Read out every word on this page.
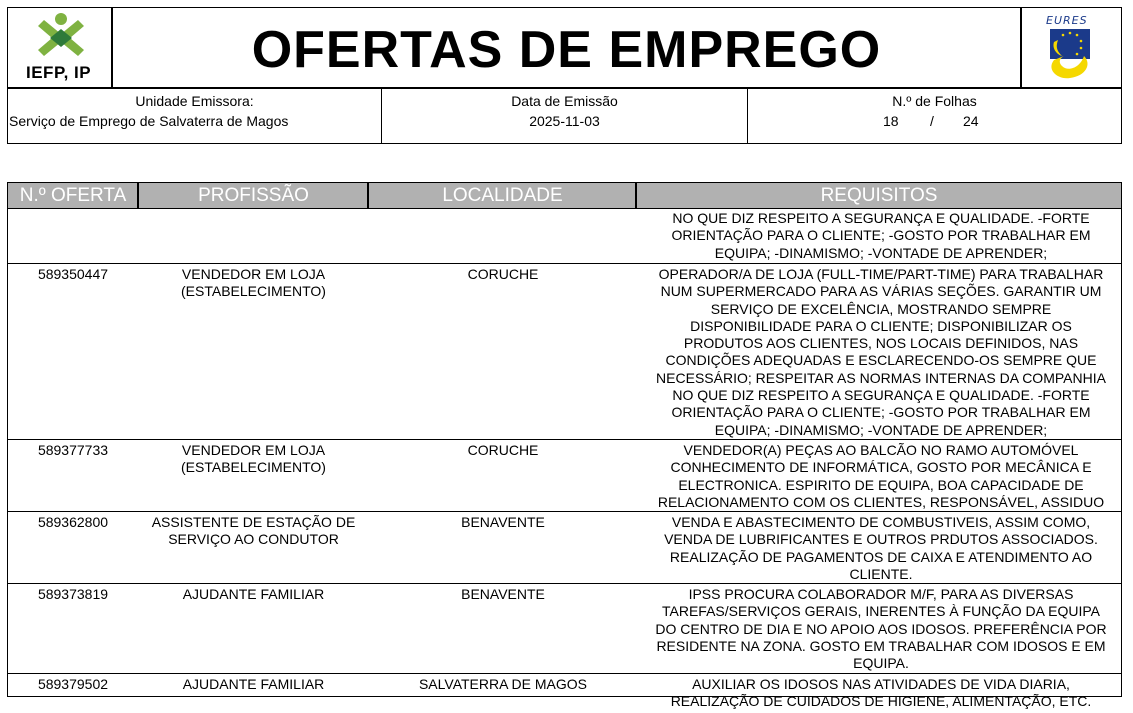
IEFP, IP	OFERTAS DE EMPREGO
EURES
Unidade Emissora:
Serviço de Emprego de Salvaterra de Magos
Data de Emissão
2025-11-03
N.º de Folhas
18 / 24
N.º OFERTA	PROFISSÃO	LOCALIDADE	REQUISITOS
NO QUE DIZ RESPEITO A SEGURANÇA E QUALIDADE. -FORTE
ORIENTAÇÃO PARA O CLIENTE; -GOSTO POR TRABALHAR EM
EQUIPA; -DINAMISMO; -VONTADE DE APRENDER;
589350447	VENDEDOR EM LOJA
(ESTABELECIMENTO)
CORUCHE	OPERADOR/A DE LOJA (FULL-TIME/PART-TIME) PARA TRABALHAR
NUM SUPERMERCADO PARA AS VÁRIAS SEÇÕES. GARANTIR UM
SERVIÇO DE EXCELÊNCIA, MOSTRANDO SEMPRE
DISPONIBILIDADE PARA O CLIENTE; DISPONIBILIZAR OS
PRODUTOS AOS CLIENTES, NOS LOCAIS DEFINIDOS, NAS
CONDIÇÕES ADEQUADAS E ESCLARECENDO-OS SEMPRE QUE
NECESSÁRIO; RESPEITAR AS NORMAS INTERNAS DA COMPANHIA
NO QUE DIZ RESPEITO A SEGURANÇA E QUALIDADE. -FORTE
ORIENTAÇÃO PARA O CLIENTE; -GOSTO POR TRABALHAR EM
EQUIPA; -DINAMISMO; -VONTADE DE APRENDER;
589377733	VENDEDOR EM LOJA
(ESTABELECIMENTO)
CORUCHE	VENDEDOR(A) PEÇAS AO BALCÃO NO RAMO AUTOMÓVEL
CONHECIMENTO DE INFORMÁTICA, GOSTO POR MECÂNICA E
ELECTRONICA. ESPIRITO DE EQUIPA, BOA CAPACIDADE DE
RELACIONAMENTO COM OS CLIENTES, RESPONSÁVEL, ASSIDUO
589362800	ASSISTENTE DE ESTAÇÃO DE
SERVIÇO AO CONDUTOR
BENAVENTE	VENDA E ABASTECIMENTO DE COMBUSTIVEIS, ASSIM COMO,
VENDA DE LUBRIFICANTES E OUTROS PRDUTOS ASSOCIADOS.
REALIZAÇÃO DE PAGAMENTOS DE CAIXA E ATENDIMENTO AO
CLIENTE.
589373819	AJUDANTE FAMILIAR	BENAVENTE	IPSS PROCURA COLABORADOR M/F, PARA AS DIVERSAS
TAREFAS/SERVIÇOS GERAIS, INERENTES À FUNÇÃO DA EQUIPA
DO CENTRO DE DIA E NO APOIO AOS IDOSOS. PREFERÊNCIA POR
RESIDENTE NA ZONA. GOSTO EM TRABALHAR COM IDOSOS E EM
EQUIPA.
589379502	AJUDANTE FAMILIAR	SALVATERRA DE MAGOS	AUXILIAR OS IDOSOS NAS ATIVIDADES DE VIDA DIARIA,
REALIZAÇÃO DE CUIDADOS DE HIGIENE, ALIMENTAÇÃO, ETC.
